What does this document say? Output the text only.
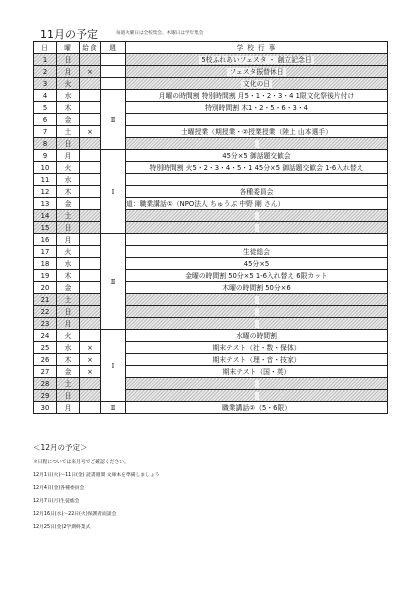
11月の予定	毎週火曜日は全校集会、木曜日は学年集会
日	曜	給食	週	学 校 行 事
1	日			5校ふれあいフェスタ ・ 創立記念日
2	月	×		フェスタ振替休日
3	火			文化の日
4	水		Ⅱ	月曜の時間割 特別時間割 月5・1・2・3・4 1限文化祭後片付け
5	木			特別時間割 木1・2・5・6・3・4
6	金			
7	土	×		土曜授業（期授業・②授業授業（陸上 山本選手）
8	日			
9	月		Ⅰ	45分×5 御話題交歓会
10	火			特別時間割 火5・2・3・4・5・1 45分×5 御話題交歓会 1-6入れ替え
11	水			
12	木			各種委員会
13	金			道：職業講話①（NPO法人 ちゅうぶ 中野 剛 さん）
14	土			
15	日			
16	月		Ⅱ	
17	火			生徒総会
18	水			45分×5
19	木			金曜の時間割 50分×5 1-6入れ替え 6限カット
20	金			木曜の時間割 50分×6
21	土			
22	日			
23	月			
24	火		Ⅰ	水曜の時間割
25	水	×		期末テスト（社・数・保体）
26	木	×		期末テスト（理・音・技家）
27	金	×		期末テスト（国・英）
28	土			
29	日			
30	月		Ⅱ	職業講話②（5・6限）
＜12月の予定＞
＊日程については来月号でご確認ください。
12月1日(火)～11日(金) 読書週間 文庫本を準備しましょう
12月4日(金)各種委員会
12月7日(月)生徒総会
12月16日(水)～22日(火)保護者面談会
12月25日(金)2学期終業式
